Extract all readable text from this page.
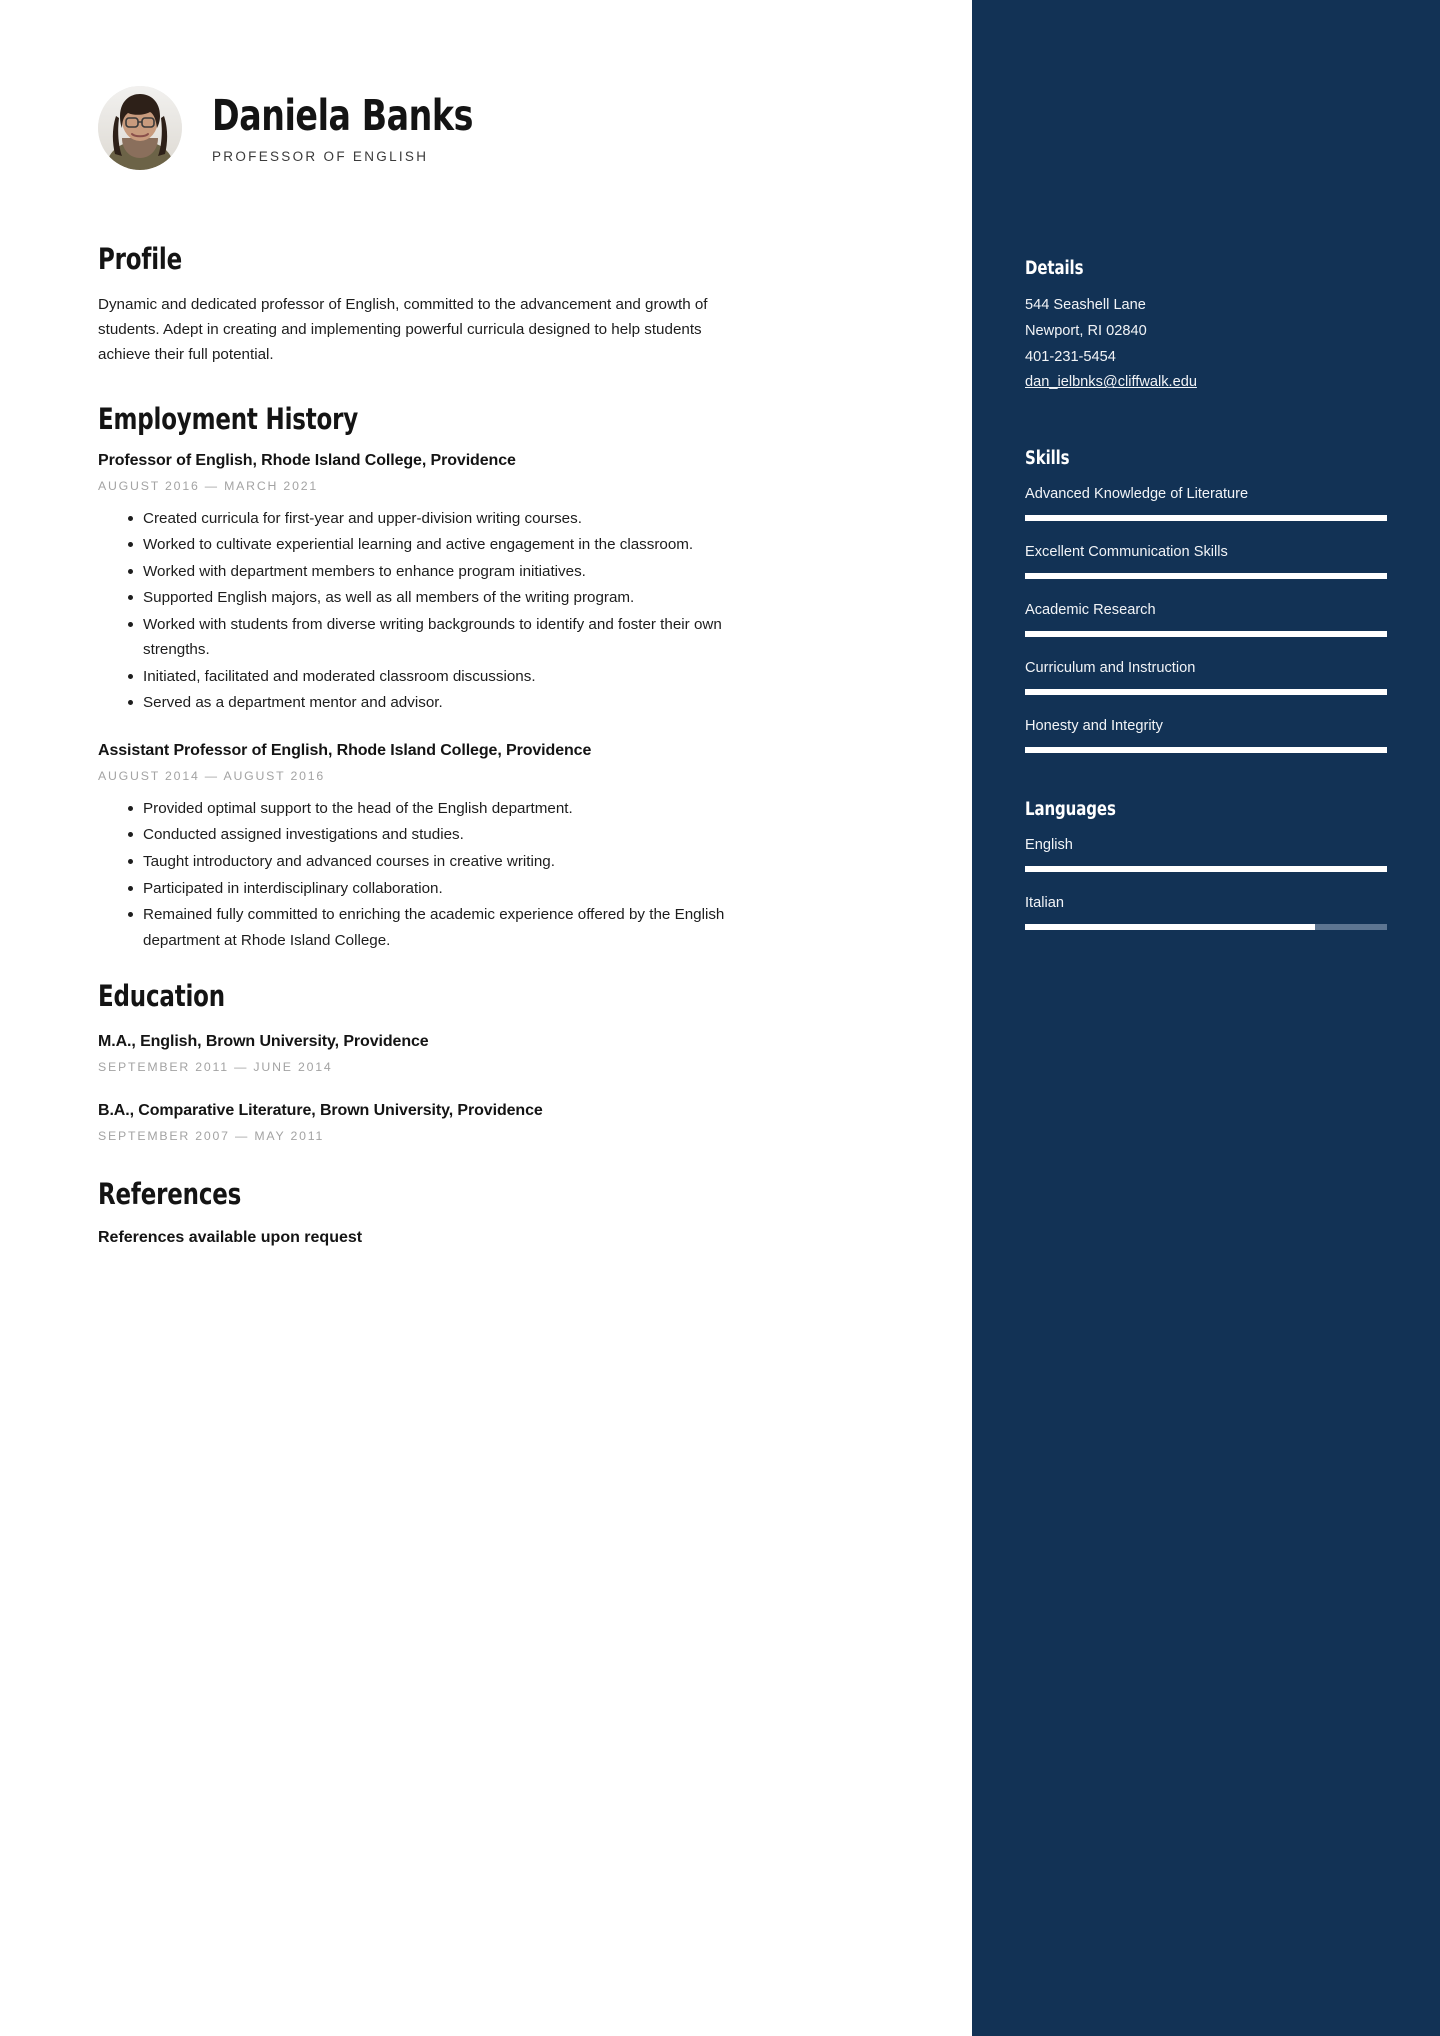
Daniela Banks
PROFESSOR OF ENGLISH
Profile
Dynamic and dedicated professor of English, committed to the advancement and growth of students. Adept in creating and implementing powerful curricula designed to help students achieve their full potential.
Employment History
Professor of English, Rhode Island College, Providence
AUGUST 2016 — MARCH 2021
Created curricula for first-year and upper-division writing courses.
Worked to cultivate experiential learning and active engagement in the classroom.
Worked with department members to enhance program initiatives.
Supported English majors, as well as all members of the writing program.
Worked with students from diverse writing backgrounds to identify and foster their own strengths.
Initiated, facilitated and moderated classroom discussions.
Served as a department mentor and advisor.
Assistant Professor of English, Rhode Island College, Providence
AUGUST 2014 — AUGUST 2016
Provided optimal support to the head of the English department.
Conducted assigned investigations and studies.
Taught introductory and advanced courses in creative writing.
Participated in interdisciplinary collaboration.
Remained fully committed to enriching the academic experience offered by the English department at Rhode Island College.
Education
M.A., English, Brown University, Providence
SEPTEMBER 2011 — JUNE 2014
B.A., Comparative Literature, Brown University, Providence
SEPTEMBER 2007 — MAY 2011
References
References available upon request
Details
544 Seashell Lane
Newport, RI 02840
401-231-5454
dan_ielbnks@cliffwalk.edu
Skills
Advanced Knowledge of Literature
Excellent Communication Skills
Academic Research
Curriculum and Instruction
Honesty and Integrity
Languages
English
Italian
